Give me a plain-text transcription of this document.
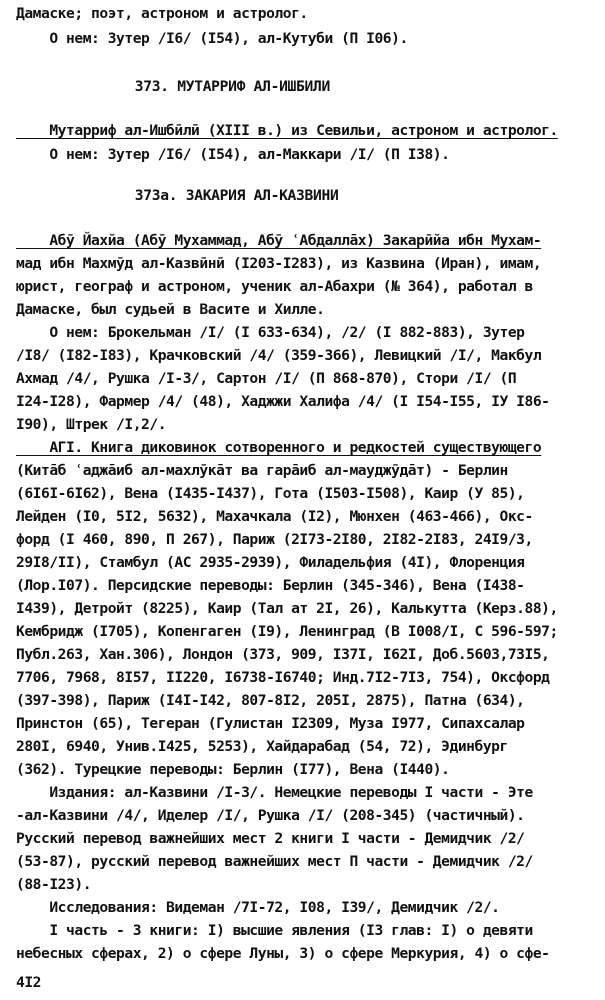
Дамаске; поэт, астроном и астролог.

О нем: Зутер /I6/ (I54), ал-Кутуби (П I06).

373. МУТАРРИФ АЛ-ИШБИЛИ

Мутарриф ал-Ишбӣлӣ (XIII в.) из Севильи, астроном и астролог.

О нем: Зутер /I6/ (I54), ал-Маккари /I/ (П I38).

373а. ЗАКАРИЯ АЛ-КАЗВИНИ

Абӯ Йахйа (Абӯ Мухаммад, Абӯ ʿАбдаллāх) Закарӣйа ибн Мухам-

мад ибн Махмӯд ал-Казвӣнӣ (I203-I283), из Казвина (Иран), имам,

юрист, географ и астроном, ученик ал-Абахри (№ 364), работал в

Дамаске, был судьей в Васите и Хилле.

О нем: Брокельман /I/ (I 633-634), /2/ (I 882-883), Зутер

/I8/ (I82-I83), Крачковский /4/ (359-366), Левицкий /I/, Макбул

Ахмад /4/, Рушка /I-3/, Сартон /I/ (П 868-870), Стори /I/ (П

I24-I28), Фармер /4/ (48), Хаджжи Халифа /4/ (I I54-I55, IУ I86-

I90), Штрек /I,2/.

АГI. Книга диковинок сотворенного и редкостей существующего

(Китāб ʿаджāиб ал-махлӯкāт ва гарāиб ал-мауджӯдāт) - Берлин

(6I6I-6I62), Вена (I435-I437), Гота (I503-I508), Каир (У 85),

Лейден (I0, 5I2, 5632), Махачкала (I2), Мюнхен (463-466), Окс-

форд (I 460, 890, П 267), Париж (2I73-2I80, 2I82-2I83, 24I9/3,

29I8/II), Стамбул (АС 2935-2939), Филадельфия (4I), Флоренция

(Лор.I07). Персидские переводы: Берлин (345-346), Вена (I438-

I439), Детройт (8225), Каир (Тал ат 2I, 26), Калькутта (Керз.88),

Кембридж (I705), Копенгаген (I9), Ленинград (В I008/I, С 596-597;

Публ.263, Хан.306), Лондон (373, 909, I37I, I62I, Доб.5603,73I5,

7706, 7968, 8I57, II220, I6738-I6740; Инд.7I2-7I3, 754), Оксфорд

(397-398), Париж (I4I-I42, 807-8I2, 205I, 2875), Патна (634),

Принстон (65), Тегеран (Гулистан I2309, Муза I977, Сипахсалар

280I, 6940, Унив.I425, 5253), Хайдарабад (54, 72), Эдинбург

(362). Турецкие переводы: Берлин (I77), Вена (I440).

Издания: ал-Казвини /I-3/. Немецкие переводы I части - Эте

-ал-Казвини /4/, Иделер /I/, Рушка /I/ (208-345) (частичный).

Русский перевод важнейших мест 2 книги I части - Демидчик /2/

(53-87), русский перевод важнейших мест П части - Демидчик /2/

(88-I23).

Исследования: Видеман /7I-72, I08, I39/, Демидчик /2/.

I часть - 3 книги: I) высшие явления (I3 глав: I) о девяти

небесных сферах, 2) о сфере Луны, 3) о сфере Меркурия, 4) о сфе-

4I2
